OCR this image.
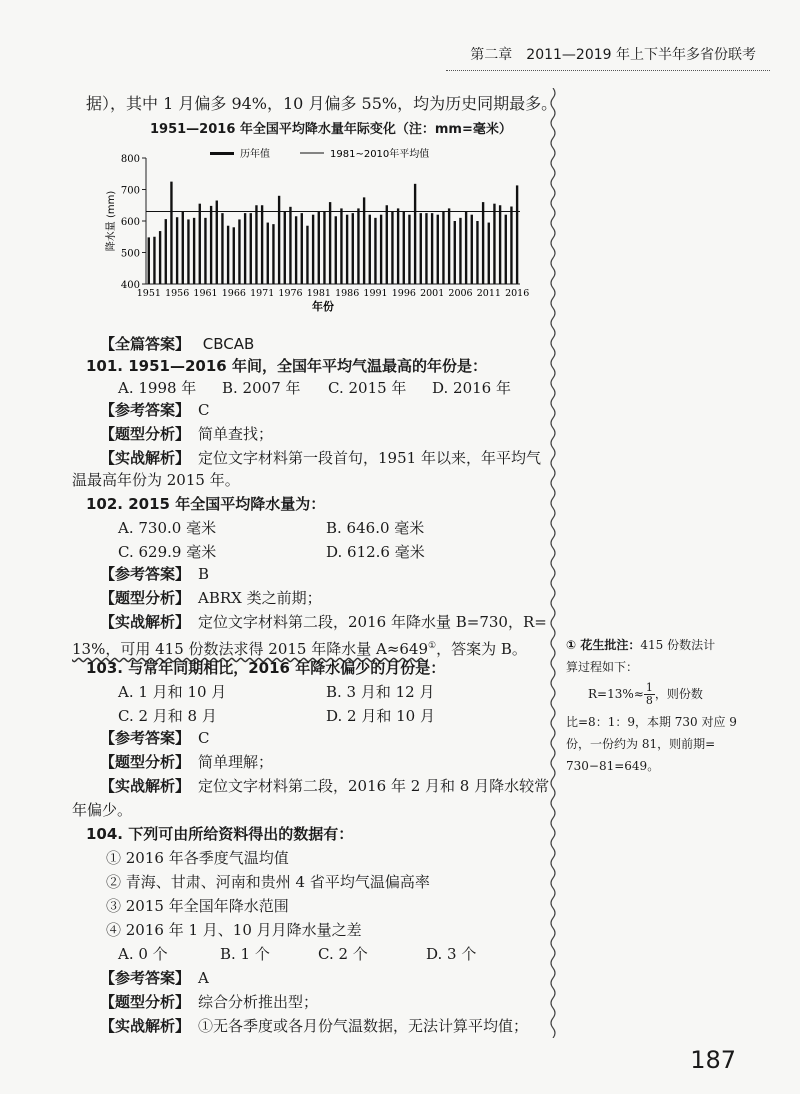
第二章　2011—2019 年上下半年多省份联考
据），其中 1 月偏多 94%，10 月偏多 55%，均为历史同期最多。
1951—2016 年全国平均降水量年际变化（注：mm=毫米）
400
500
600
700
800
1951 1956 1961 1966 1971 1976 1981 1986 1991 1996 2001 2006 2011 2016
年份
降水量 (mm)
历年值	1981~2010年平均值
【全篇答案】 CBCAB
101. 1951—2016 年间，全国年平均气温最高的年份是：
A. 1998 年 B. 2007 年 C. 2015 年 D. 2016 年
【参考答案】 C
【题型分析】 简单查找；
【实战解析】 定位文字材料第一段首句，1951 年以来，年平均气
温最高年份为 2015 年。
102. 2015 年全国平均降水量为：
A. 730.0 毫米	B. 646.0 毫米
C. 629.9 毫米	D. 612.6 毫米
【参考答案】 B
【题型分析】 ABRX 类之前期；
【实战解析】 定位文字材料第二段，2016 年降水量 B=730，R=
13%，可用 415 份数法求得 2015 年降水量 A≈649①，答案为 B。	① 花生批注：415 份数法计
算过程如下：
$R=13\%\approx \frac{1}{8}$ ，则份数
比=8：1：9，本期 730 对应 9
份，一份约为 81，则前期=
730−81=649。
103. 与常年同期相比，2016 年降水偏少的月份是：
A. 1 月和 10 月	B. 3 月和 12 月
C. 2 月和 8 月	D. 2 月和 10 月
【参考答案】 C
【题型分析】 简单理解；
【实战解析】 定位文字材料第二段，2016 年 2 月和 8 月降水较常
年偏少。
104. 下列可由所给资料得出的数据有：
① 2016 年各季度气温均值
② 青海、甘肃、河南和贵州 4 省平均气温偏高率
③ 2015 年全国年降水范围
④ 2016 年 1 月、10 月月降水量之差
A. 0 个	B. 1 个	C. 2 个	D. 3 个
【参考答案】 A
【题型分析】 综合分析推出型；
【实战解析】 ①无各季度或各月份气温数据，无法计算平均值；
187
